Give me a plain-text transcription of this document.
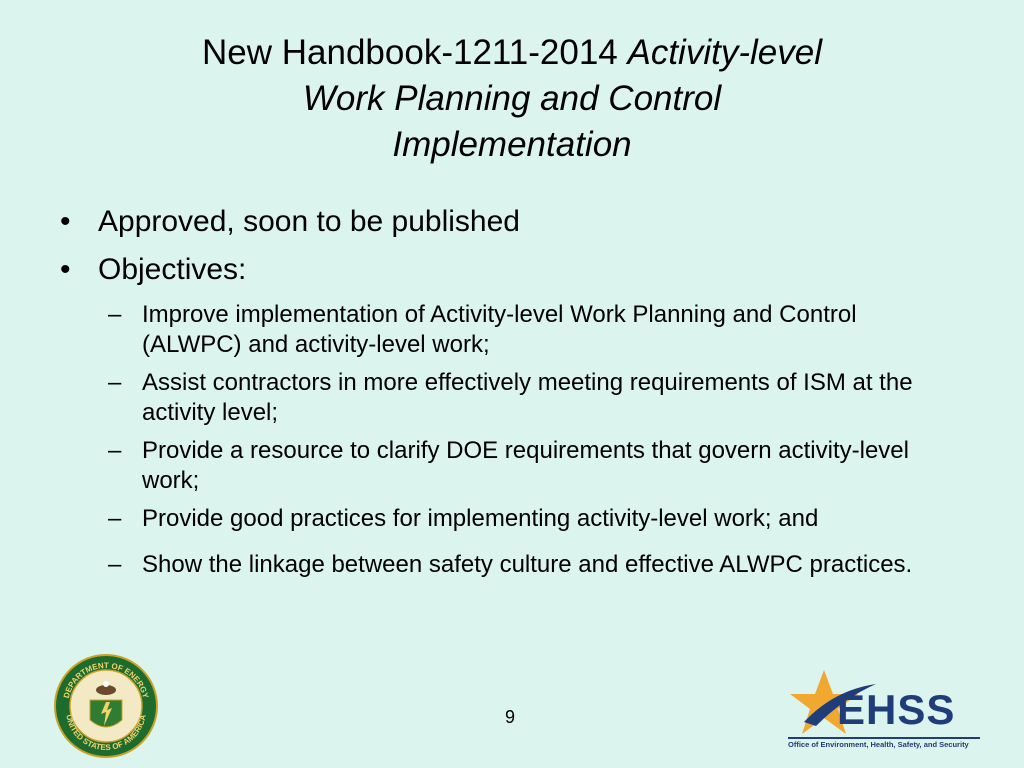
New Handbook-1211-2014 Activity-level
Work Planning and Control
Implementation
• Approved, soon to be published
• Objectives:
– Improve implementation of Activity-level Work Planning and Control (ALWPC) and activity-level work;
– Assist contractors in more effectively meeting requirements of ISM at the activity level;
– Provide a resource to clarify DOE requirements that govern activity-level work;
– Provide good practices for implementing activity-level work; and
– Show the linkage between safety culture and effective ALWPC practices.
DEPARTMENT OF ENERGY
UNITED STATES OF AMERICA	9	EHSS
Office of Environment, Health, Safety, and Security
